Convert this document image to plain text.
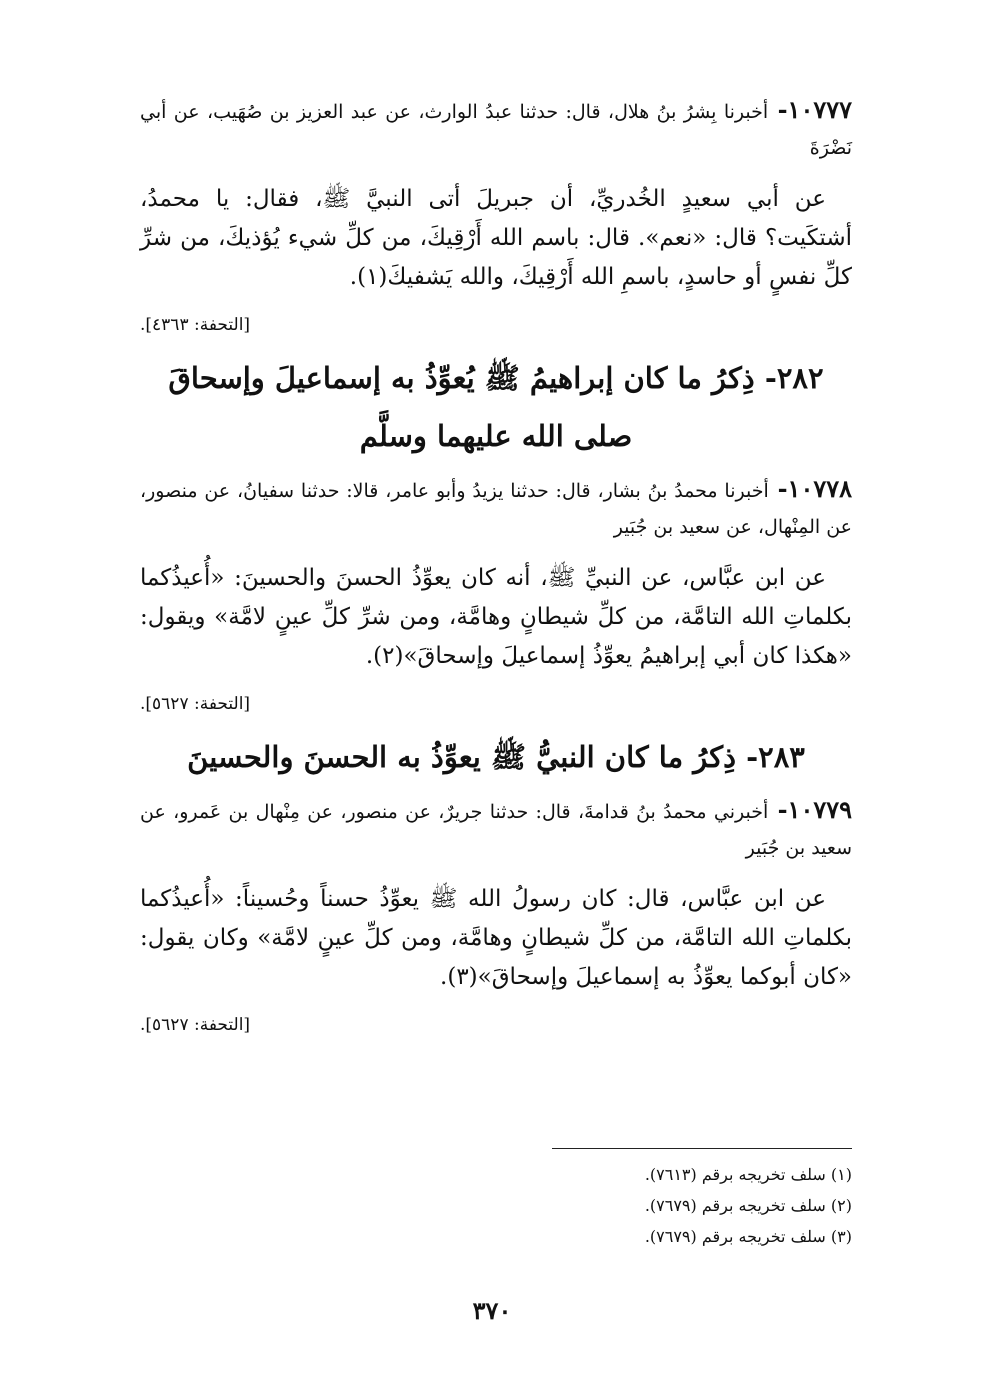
١٠٧٧٧- أخبرنا بِشرُ بنُ هلال، قال: حدثنا عبدُ الوارث، عن عبد العزيز بن صُهَيب، عن أبي نَضْرَةَ

عن أبي سعيدٍ الخُدريِّ، أن جبريلَ أتى النبيَّ ﷺ، فقال: يا محمدُ، أشتكَيت؟ قال: «نعم». قال: باسم الله أَرْقِيكَ، من كلِّ شيء يُؤذيكَ، من شرِّ كلِّ نفسٍ أو حاسدٍ، باسمِ الله أَرْقِيكَ، والله يَشفيكَ(١).

[التحفة: ٤٣٦٣].

٢٨٢- ذِكرُ ما كان إبراهيمُ ﷺ يُعوِّذُ به إسماعيلَ وإسحاقَ
صلى الله عليهما وسلَّم

١٠٧٧٨- أخبرنا محمدُ بنُ بشار، قال: حدثنا يزيدُ وأبو عامر، قالا: حدثنا سفيانُ، عن منصور، عن المِنْهال، عن سعيد بن جُبَير

عن ابن عبَّاس، عن النبيِّ ﷺ، أنه كان يعوِّذُ الحسنَ والحسينَ: «أُعيذُكما بكلماتِ الله التامَّة، من كلِّ شيطانٍ وهامَّة، ومن شرِّ كلِّ عينٍ لامَّة» ويقول: «هكذا كان أبي إبراهيمُ يعوِّذُ إسماعيلَ وإسحاقَ»(٢).

[التحفة: ٥٦٢٧].

٢٨٣- ذِكرُ ما كان النبيُّ ﷺ يعوِّذُ به الحسنَ والحسينَ

١٠٧٧٩- أخبرني محمدُ بنُ قدامةَ، قال: حدثنا جريرٌ، عن منصور، عن مِنْهال بن عَمرو، عن سعيد بن جُبَير

عن ابن عبَّاس، قال: كان رسولُ الله ﷺ يعوِّذُ حسناً وحُسيناً: «أُعيذُكما بكلماتِ الله التامَّة، من كلِّ شيطانٍ وهامَّة، ومن كلِّ عينٍ لامَّة» وكان يقول: «كان أبوكما يعوِّذُ به إسماعيلَ وإسحاقَ»(٣).

[التحفة: ٥٦٢٧].

(١) سلف تخريجه برقم (٧٦١٣).

(٢) سلف تخريجه برقم (٧٦٧٩).

(٣) سلف تخريجه برقم (٧٦٧٩).

٣٧٠
